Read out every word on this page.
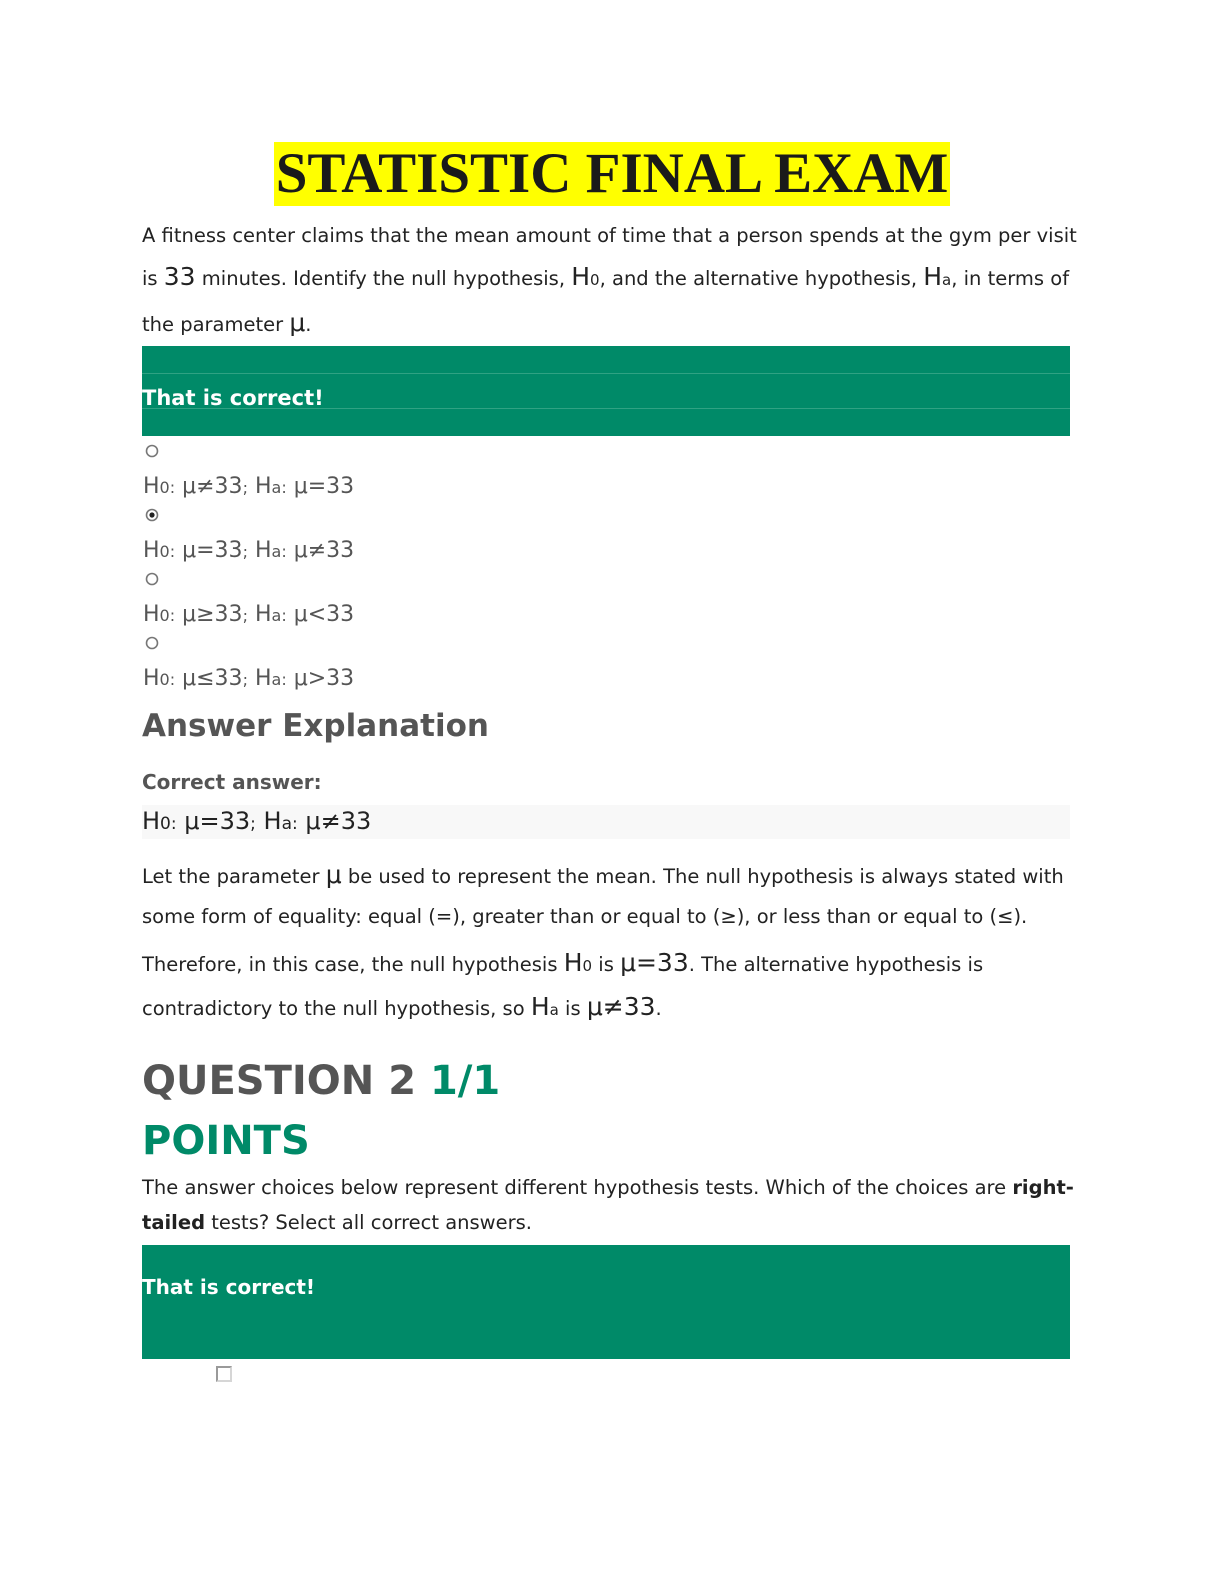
STATISTIC FINAL EXAM
A fitness center claims that the mean amount of time that a person spends at the gym per visit
is 33 minutes. Identify the null hypothesis, H0, and the alternative hypothesis, Ha, in terms of
the parameter μ.
That is correct!
H0: μ≠33; Ha: μ=33
H0: μ=33; Ha: μ≠33
H0: μ≥33; Ha: μ<33
H0: μ≤33; Ha: μ>33
Answer Explanation
Correct answer:
H0: μ=33; Ha: μ≠33
Let the parameter μ be used to represent the mean. The null hypothesis is always stated with
some form of equality: equal (=), greater than or equal to (≥), or less than or equal to (≤).
Therefore, in this case, the null hypothesis H0 is μ=33. The alternative hypothesis is
contradictory to the null hypothesis, so Ha is μ≠33.
QUESTION 2 1/1
POINTS
The answer choices below represent different hypothesis tests. Which of the choices are right-
tailed tests? Select all correct answers.
That is correct!
